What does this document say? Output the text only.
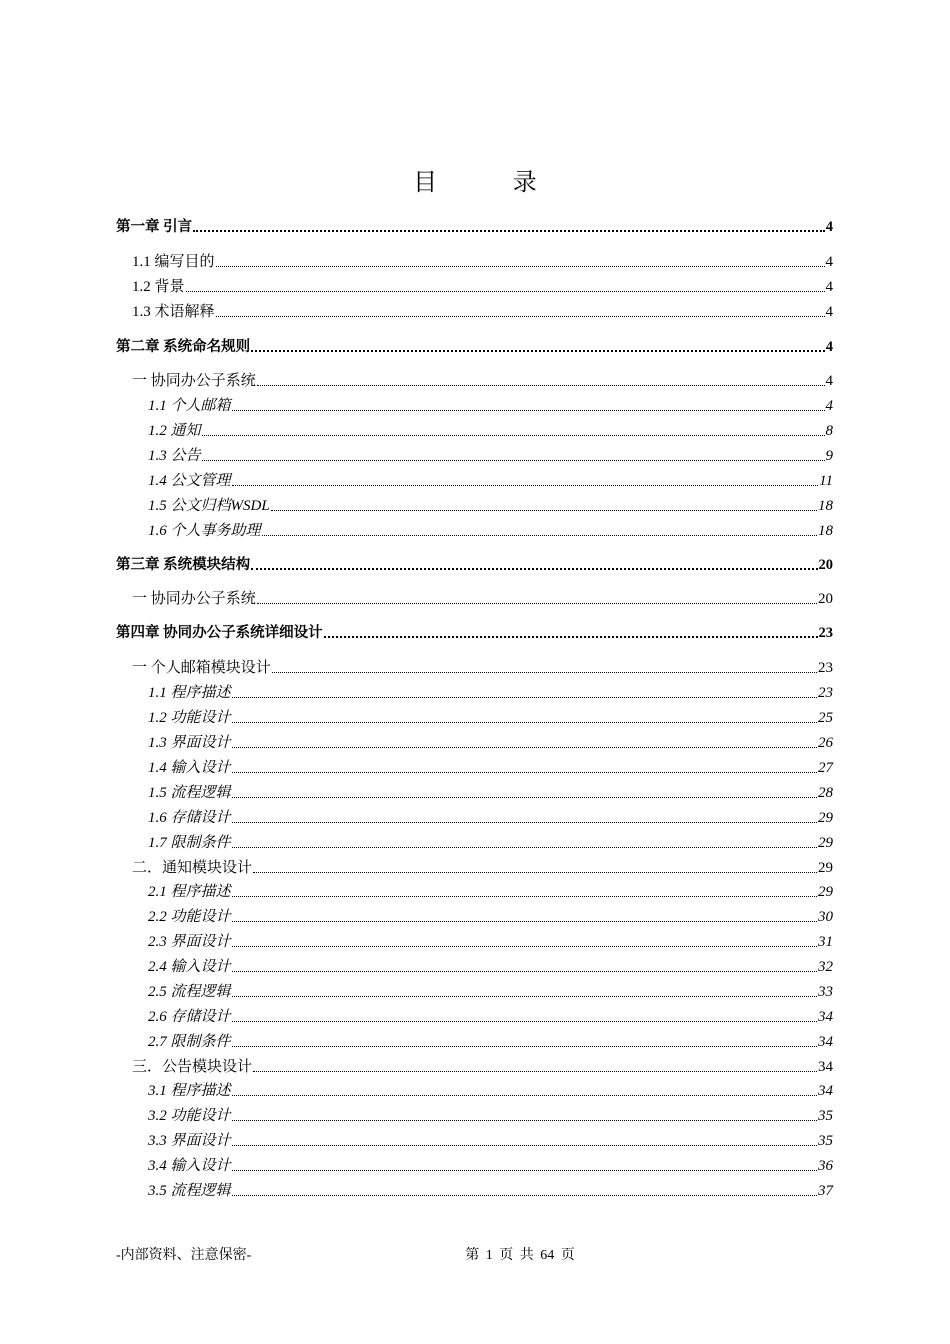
目 录
第一章 引言	4
1.1 编写目的	4
1.2 背景	4
1.3 术语解释	4
第二章 系统命名规则	4
一 协同办公子系统	4
1.1 个人邮箱	4
1.2 通知	8
1.3 公告	9
1.4 公文管理	11
1.5 公文归档WSDL	18
1.6 个人事务助理	18
第三章 系统模块结构	20
一 协同办公子系统	20
第四章 协同办公子系统详细设计	23
一 个人邮箱模块设计	23
1.1 程序描述	23
1.2 功能设计	25
1.3 界面设计	26
1.4 输入设计	27
1.5 流程逻辑	28
1.6 存储设计	29
1.7 限制条件	29
二．通知模块设计	29
2.1 程序描述	29
2.2 功能设计	30
2.3 界面设计	31
2.4 输入设计	32
2.5 流程逻辑	33
2.6 存储设计	34
2.7 限制条件	34
三．公告模块设计	34
3.1 程序描述	34
3.2 功能设计	35
3.3 界面设计	35
3.4 输入设计	36
3.5 流程逻辑	37
-内部资料、注意保密-	第 1 页 共 64 页
